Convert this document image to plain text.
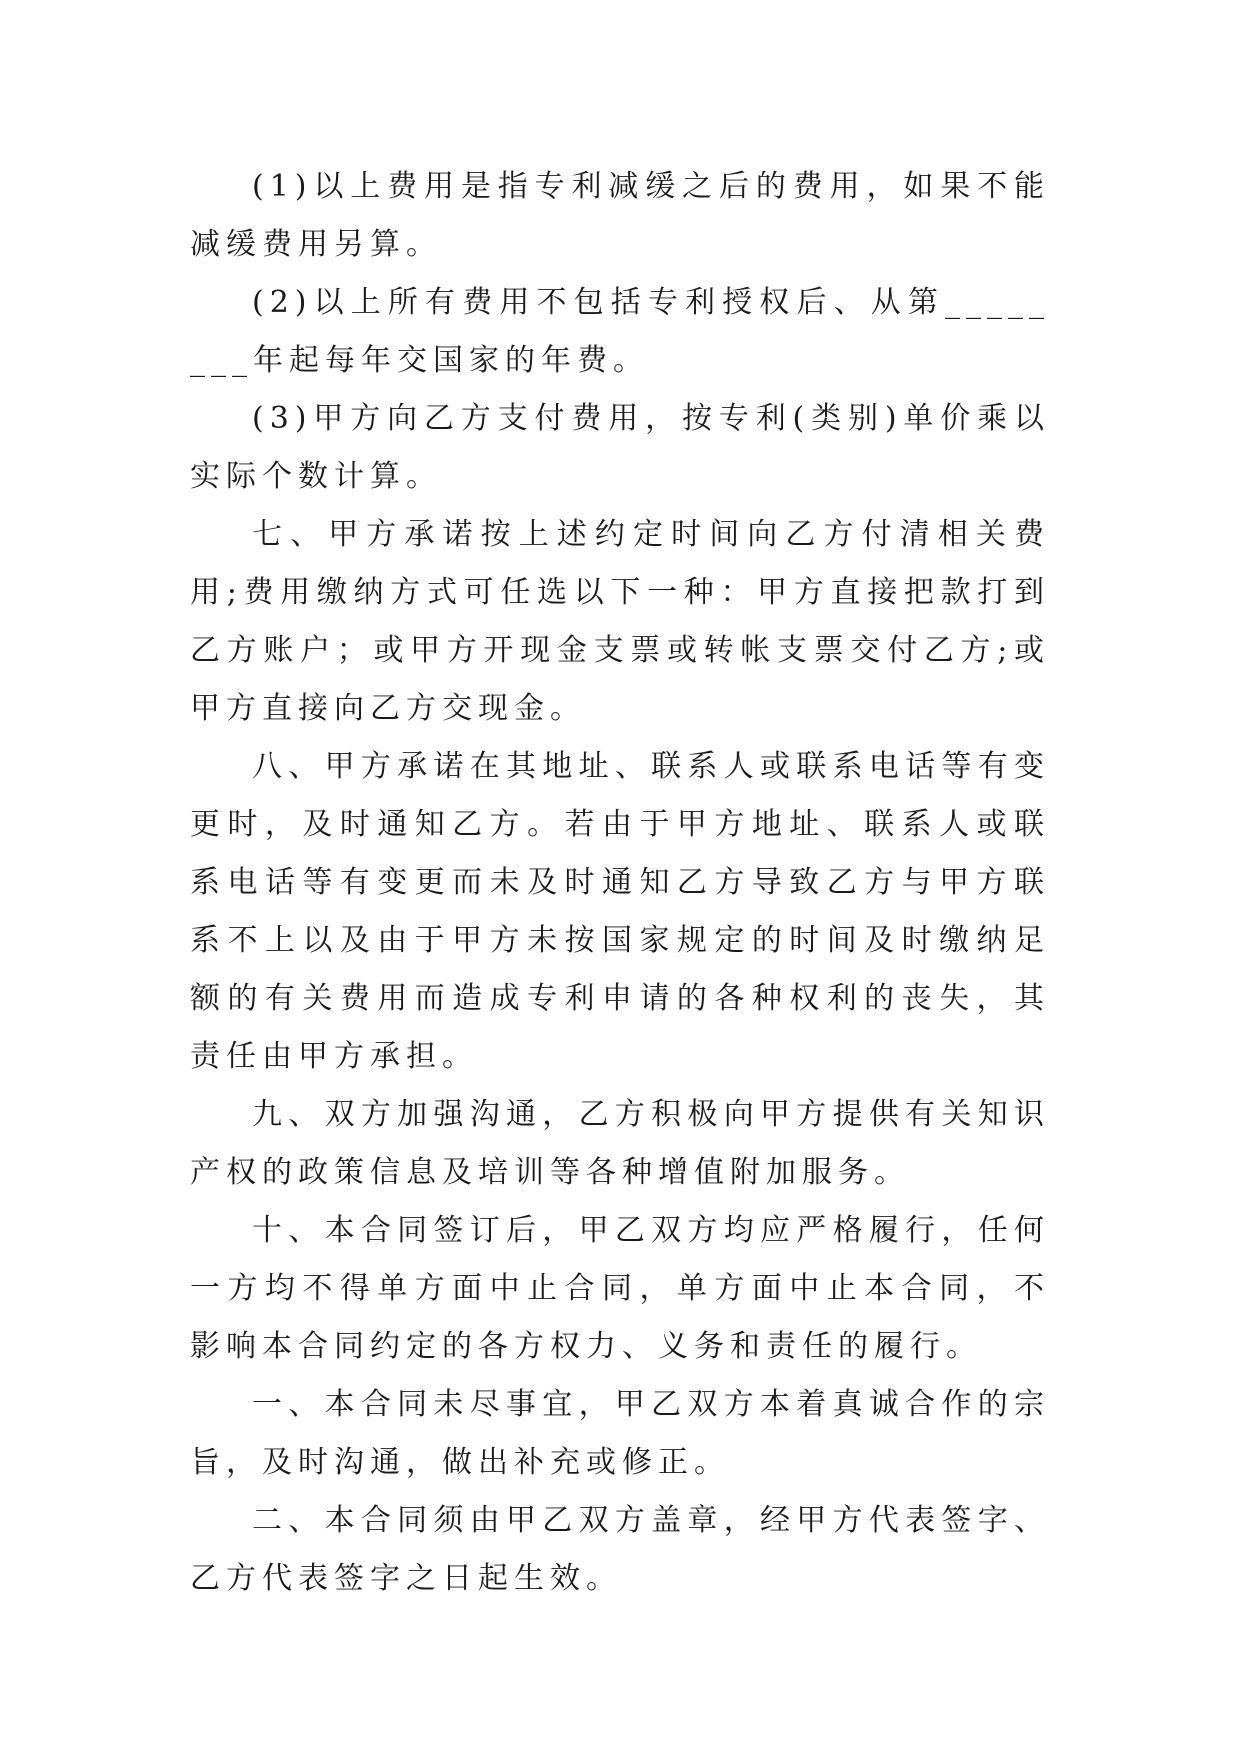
(1)以上费用是指专利减缓之后的费用，如果不能减缓费用另算。

(2)以上所有费用不包括专利授权后、从第________年起每年交国家的年费。

(3)甲方向乙方支付费用，按专利(类别)单价乘以实际个数计算。

七、甲方承诺按上述约定时间向乙方付清相关费用;费用缴纳方式可任选以下一种：甲方直接把款打到乙方账户；或甲方开现金支票或转帐支票交付乙方;或甲方直接向乙方交现金。

八、甲方承诺在其地址、联系人或联系电话等有变更时，及时通知乙方。若由于甲方地址、联系人或联系电话等有变更而未及时通知乙方导致乙方与甲方联系不上以及由于甲方未按国家规定的时间及时缴纳足额的有关费用而造成专利申请的各种权利的丧失，其责任由甲方承担。

九、双方加强沟通，乙方积极向甲方提供有关知识产权的政策信息及培训等各种增值附加服务。

十、本合同签订后，甲乙双方均应严格履行，任何一方均不得单方面中止合同，单方面中止本合同，不影响本合同约定的各方权力、义务和责任的履行。

一、本合同未尽事宜，甲乙双方本着真诚合作的宗旨，及时沟通，做出补充或修正。

二、本合同须由甲乙双方盖章，经甲方代表签字、乙方代表签字之日起生效。
